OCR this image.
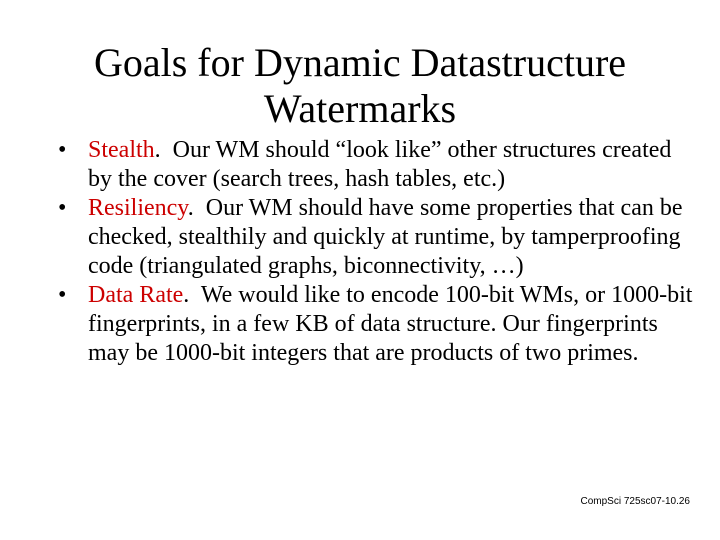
Goals for Dynamic Datastructure Watermarks
• Stealth.  Our WM should “look like” other structures created by the cover (search trees, hash tables, etc.)
• Resiliency.  Our WM should have some properties that can be checked, stealthily and quickly at runtime, by tamperproofing code (triangulated graphs, biconnectivity, …)
• Data Rate.  We would like to encode 100-bit WMs, or 1000-bit fingerprints, in a few KB of data structure. Our fingerprints may be 1000-bit integers that are products of two primes.
CompSci 725sc07-10.26
